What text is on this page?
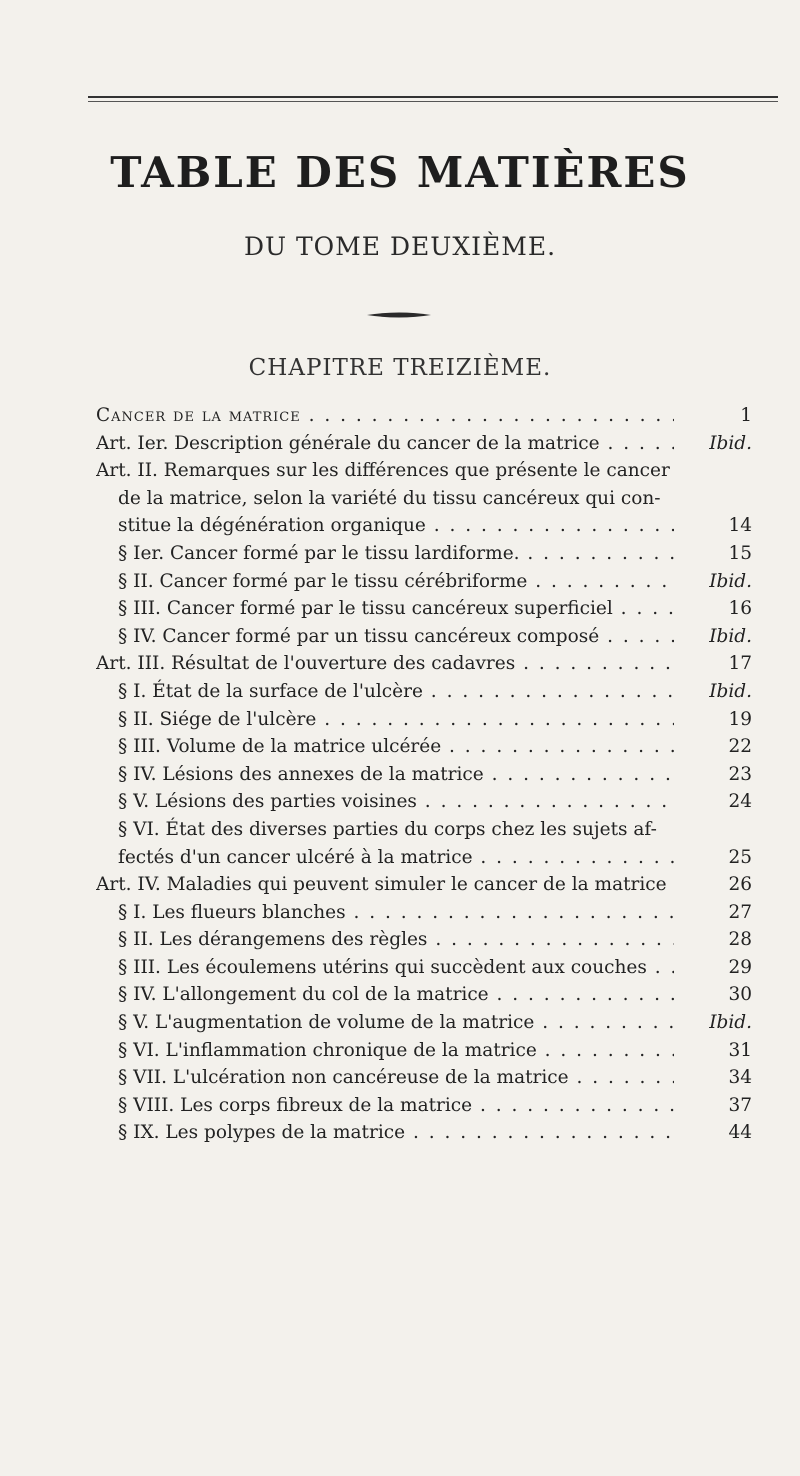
TABLE DES MATIÈRES
DU TOME DEUXIÈME.
CHAPITRE TREIZIÈME.
Cancer de la matrice . . .	1
Art. Ier. Description générale du cancer de la matrice . . .	Ibid.
Art. II. Remarques sur les différences que présente le cancer
de la matrice, selon la variété du tissu cancéreux qui con-
stitue la dégénération organique . . .	14
§ Ier. Cancer formé par le tissu lardiforme. . . .	15
§ II. Cancer formé par le tissu cérébriforme . . .	Ibid.
§ III. Cancer formé par le tissu cancéreux superficiel . . .	16
§ IV. Cancer formé par un tissu cancéreux composé . . .	Ibid.
Art. III. Résultat de l'ouverture des cadavres . . .	17
§ I. État de la surface de l'ulcère . . .	Ibid.
§ II. Siége de l'ulcère . . .	19
§ III. Volume de la matrice ulcérée . . .	22
§ IV. Lésions des annexes de la matrice . . .	23
§ V. Lésions des parties voisines . . .	24
§ VI. État des diverses parties du corps chez les sujets af-
fectés d'un cancer ulcéré à la matrice . . .	25
Art. IV. Maladies qui peuvent simuler le cancer de la matrice . . .	26
§ I. Les flueurs blanches . . .	27
§ II. Les dérangemens des règles . . .	28
§ III. Les écoulemens utérins qui succèdent aux couches . . .	29
§ IV. L'allongement du col de la matrice . . .	30
§ V. L'augmentation de volume de la matrice . . .	Ibid.
§ VI. L'inflammation chronique de la matrice . . .	31
§ VII. L'ulcération non cancéreuse de la matrice . . .	34
§ VIII. Les corps fibreux de la matrice . . .	37
§ IX. Les polypes de la matrice . . .	44
